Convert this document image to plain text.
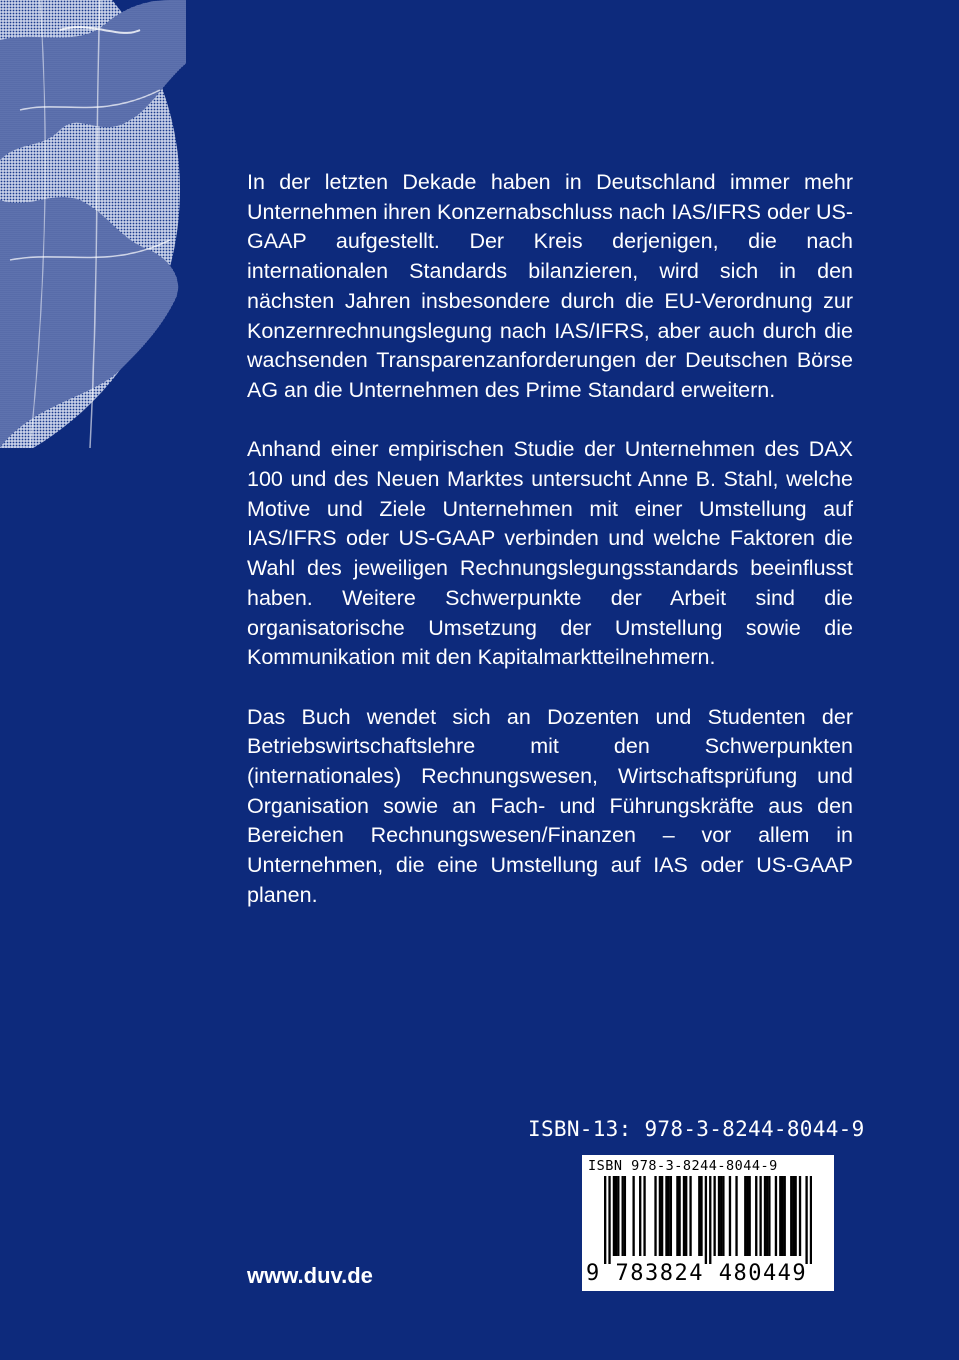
In der letzten Dekade haben in Deutschland immer mehr Unternehmen ihren Konzernabschluss nach IAS/IFRS oder US-GAAP aufgestellt. Der Kreis derjenigen, die nach internationalen Standards bilanzieren, wird sich in den nächsten Jahren insbesondere durch die EU-Verordnung zur Konzernrechnungslegung nach IAS/IFRS, aber auch durch die wachsenden Transparenzanforderungen der Deutschen Börse AG an die Unternehmen des Prime Standard erweitern.

Anhand einer empirischen Studie der Unternehmen des DAX 100 und des Neuen Marktes untersucht Anne B. Stahl, welche Motive und Ziele Unternehmen mit einer Umstellung auf IAS/IFRS oder US-GAAP verbinden und welche Faktoren die Wahl des jeweiligen Rechnungslegungsstandards beeinflusst haben. Weitere Schwerpunkte der Arbeit sind die organisatorische Umsetzung der Umstellung sowie die Kommunikation mit den Kapitalmarktteilnehmern.

Das Buch wendet sich an Dozenten und Studenten der Betriebswirtschaftslehre mit den Schwerpunkten (internationales) Rechnungswesen, Wirtschaftsprüfung und Organisation sowie an Fach- und Führungskräfte aus den Bereichen Rechnungswesen/Finanzen – vor allem in Unternehmen, die eine Umstellung auf IAS oder US-GAAP planen.

ISBN-13: 978-3-8244-8044-9
ISBN 978-3-8244-8044-9
9 783824 480449
www.duv.de
